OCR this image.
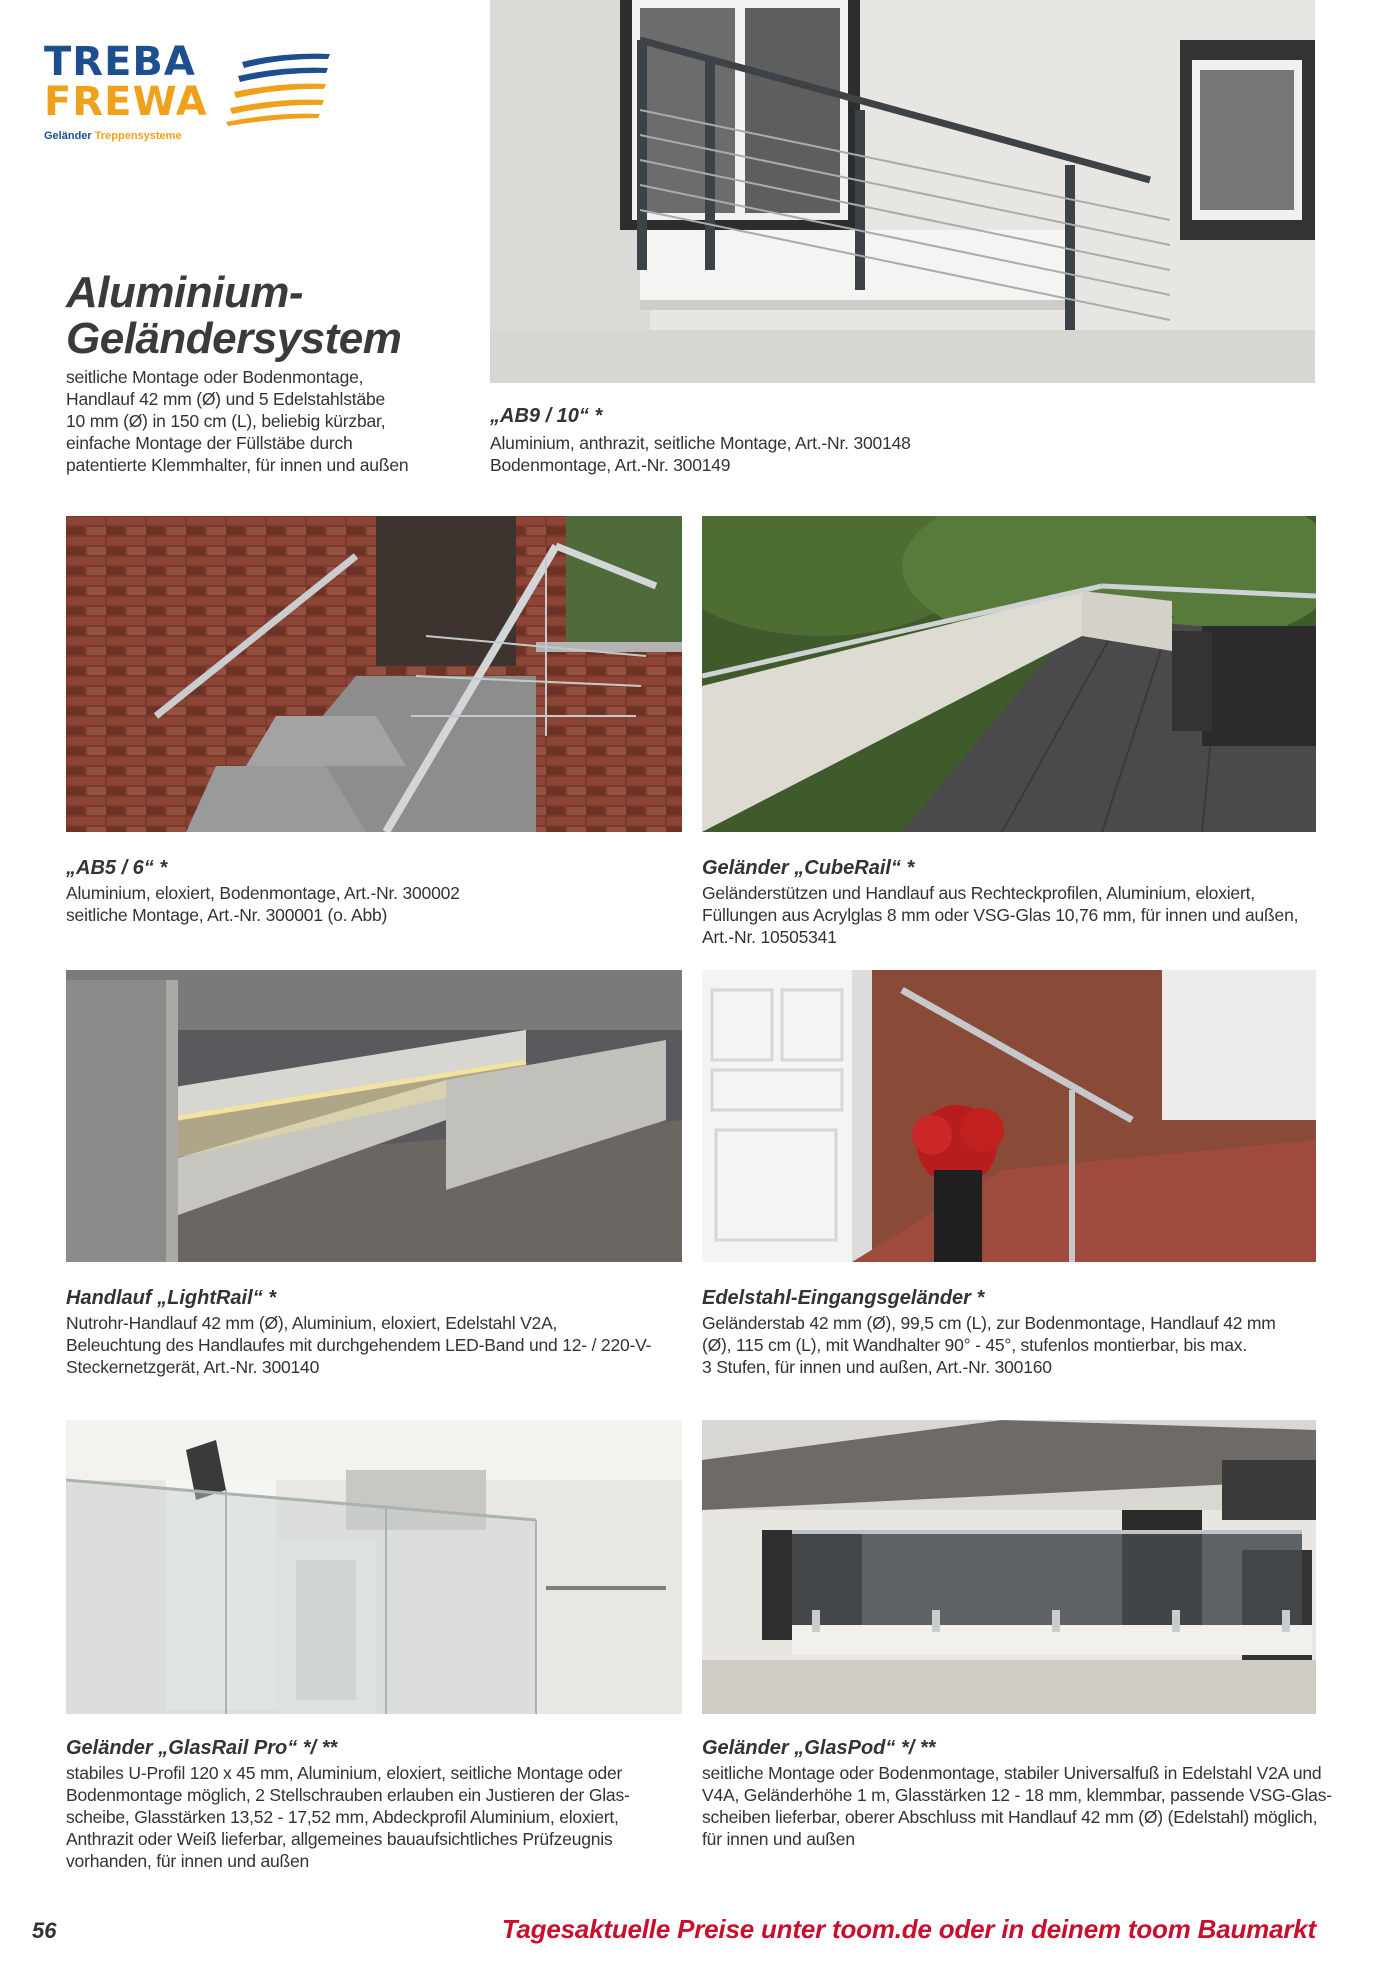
TREBA
FREWA
Geländer Treppensysteme
Aluminium-
Geländersystem
seitliche Montage oder Bodenmontage,
Handlauf 42 mm (Ø) und 5 Edelstahlstäbe
10 mm (Ø) in 150 cm (L), beliebig kürzbar,
einfache Montage der Füllstäbe durch
patentierte Klemmhalter, für innen und außen
„AB9 / 10“ *
Aluminium, anthrazit, seitliche Montage, Art.-Nr. 300148
Bodenmontage, Art.-Nr. 300149
„AB5 / 6“ *
Aluminium, eloxiert, Bodenmontage, Art.-Nr. 300002
seitliche Montage, Art.-Nr. 300001 (o. Abb)
Geländer „CubeRail“ *
Geländerstützen und Handlauf aus Rechteckprofilen, Aluminium, eloxiert,
Füllungen aus Acrylglas 8 mm oder VSG-Glas 10,76 mm, für innen und außen,
Art.-Nr. 10505341
Handlauf „LightRail“ *
Nutrohr-Handlauf 42 mm (Ø), Aluminium, eloxiert, Edelstahl V2A,
Beleuchtung des Handlaufes mit durchgehendem LED-Band und 12- / 220-V-
Steckernetzgerät, Art.-Nr. 300140
Edelstahl-Eingangsgeländer *
Geländerstab 42 mm (Ø), 99,5 cm (L), zur Bodenmontage, Handlauf 42 mm
(Ø), 115 cm (L), mit Wandhalter 90° - 45°, stufenlos montierbar, bis max.
3 Stufen, für innen und außen, Art.-Nr. 300160
Geländer „GlasRail Pro“ */ **
stabiles U-Profil 120 x 45 mm, Aluminium, eloxiert, seitliche Montage oder
Bodenmontage möglich, 2 Stellschrauben erlauben ein Justieren der Glas-
scheibe, Glasstärken 13,52 - 17,52 mm, Abdeckprofil Aluminium, eloxiert,
Anthrazit oder Weiß lieferbar, allgemeines bauaufsichtliches Prüfzeugnis
vorhanden, für innen und außen
Geländer „GlasPod“ */ **
seitliche Montage oder Bodenmontage, stabiler Universalfuß in Edelstahl V2A und
V4A, Geländerhöhe 1 m, Glasstärken 12 - 18 mm, klemmbar, passende VSG-Glas-
scheiben lieferbar, oberer Abschluss mit Handlauf 42 mm (Ø) (Edelstahl) möglich,
für innen und außen
56	Tagesaktuelle Preise unter toom.de oder in deinem toom Baumarkt
